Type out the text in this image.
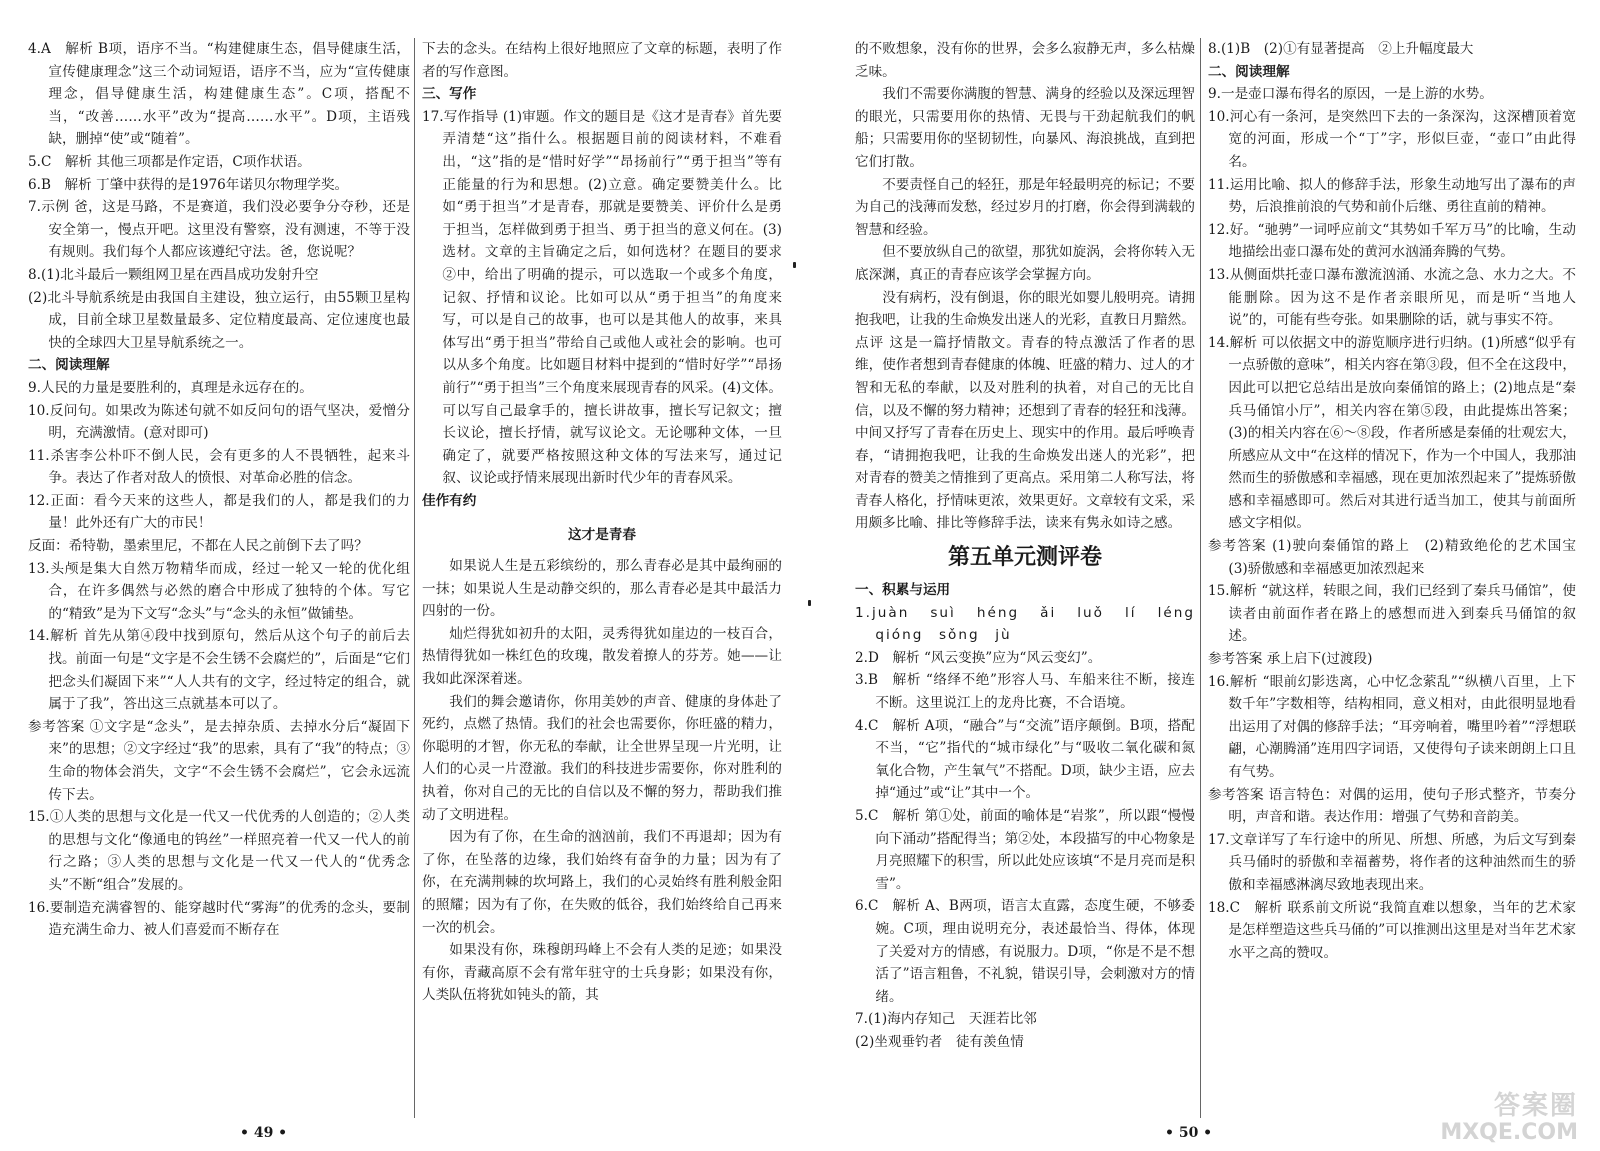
4.A　解析 B项，语序不当。“构建健康生态，倡导健康生活，宣传健康理念”这三个动词短语，语序不当，应为“宣传健康理念，倡导健康生活，构建健康生态”。C项，搭配不当，“改善……水平”改为“提高……水平”。D项，主语残缺，删掉“使”或“随着”。

5.C　解析 其他三项都是作定语，C项作状语。

6.B　解析 丁肇中获得的是1976年诺贝尔物理学奖。

7.示例 爸，这是马路，不是赛道，我们没必要争分夺秒，还是安全第一，慢点开吧。这里没有警察，没有测速，不等于没有规则。我们每个人都应该遵纪守法。爸，您说呢？

8.(1)北斗最后一颗组网卫星在西昌成功发射升空

(2)北斗导航系统是由我国自主建设，独立运行，由55颗卫星构成，目前全球卫星数量最多、定位精度最高、定位速度也最快的全球四大卫星导航系统之一。

二、阅读理解

9.人民的力量是要胜利的，真理是永远存在的。

10.反问句。如果改为陈述句就不如反问句的语气坚决，爱憎分明，充满激情。(意对即可)

11.杀害李公朴吓不倒人民，会有更多的人不畏牺牲，起来斗争。表达了作者对敌人的愤恨、对革命必胜的信念。

12.正面：看今天来的这些人，都是我们的人，都是我们的力量！此外还有广大的市民！

反面：希特勒，墨索里尼，不都在人民之前倒下去了吗？

13.头颅是集大自然万物精华而成，经过一轮又一轮的优化组合，在许多偶然与必然的磨合中形成了独特的个体。写它的“精致”是为下文写“念头”与“念头的永恒”做铺垫。

14.解析 首先从第④段中找到原句，然后从这个句子的前后去找。前面一句是“文字是不会生锈不会腐烂的”，后面是“它们把念头们凝固下来”“人人共有的文字，经过特定的组合，就属于了我”，答出这三点就基本可以了。

参考答案 ①文字是“念头”，是去掉杂质、去掉水分后“凝固下来”的思想；②文字经过“我”的思索，具有了“我”的特点；③生命的物体会消失，文字“不会生锈不会腐烂”，它会永远流传下去。

15.①人类的思想与文化是一代又一代优秀的人创造的；②人类的思想与文化“像通电的钨丝”一样照亮着一代又一代人的前行之路；③人类的思想与文化是一代又一代人的“优秀念头”不断“组合”发展的。

16.要制造充满睿智的、能穿越时代“雾海”的优秀的念头，要制造充满生命力、被人们喜爱而不断存在

下去的念头。在结构上很好地照应了文章的标题，表明了作者的写作意图。

三、写作

17.写作指导 (1)审题。作文的题目是《这才是青春》首先要弄清楚“这”指什么。根据题目前的阅读材料，不难看出，“这”指的是“惜时好学”“昂扬前行”“勇于担当”等有正能量的行为和思想。(2)立意。确定要赞美什么。比如“勇于担当”才是青春，那就是要赞美、评价什么是勇于担当，怎样做到勇于担当、勇于担当的意义何在。(3)选材。文章的主旨确定之后，如何选材？在题目的要求②中，给出了明确的提示，可以选取一个或多个角度，记叙、抒情和议论。比如可以从“勇于担当”的角度来写，可以是自己的故事，也可以是其他人的故事，来具体写出“勇于担当”带给自己或他人或社会的影响。也可以从多个角度。比如题目材料中提到的“惜时好学”“昂扬前行”“勇于担当”三个角度来展现青春的风采。(4)文体。可以写自己最拿手的，擅长讲故事，擅长写记叙文；擅长议论，擅长抒情，就写议论文。无论哪种文体，一旦确定了，就要严格按照这种文体的写法来写，通过记叙、议论或抒情来展现出新时代少年的青春风采。

佳作有约

这才是青春

如果说人生是五彩缤纷的，那么青春必是其中最绚丽的一抹；如果说人生是动静交织的，那么青春必是其中最活力四射的一份。

灿烂得犹如初升的太阳，灵秀得犹如崖边的一枝百合，热情得犹如一株红色的玫瑰，散发着撩人的芬芳。她——让我如此深深着迷。

我们的舞会邀请你，你用美妙的声音、健康的身体赴了死约，点燃了热情。我们的社会也需要你，你旺盛的精力，你聪明的才智，你无私的奉献，让全世界呈现一片光明，让人们的心灵一片澄澈。我们的科技进步需要你，你对胜利的执着，你对自己的无比的自信以及不懈的努力，帮助我们推动了文明进程。

因为有了你，在生命的汹汹前，我们不再退却；因为有了你，在坠落的边缘，我们始终有奋争的力量；因为有了你，在充满荆棘的坎坷路上，我们的心灵始终有胜利般金阳的照耀；因为有了你，在失败的低谷，我们始终给自己再来一次的机会。

如果没有你，珠穆朗玛峰上不会有人类的足迹；如果没有你，青藏高原不会有常年驻守的士兵身影；如果没有你，人类队伍将犹如钝头的箭，其

的不败想象，没有你的世界，会多么寂静无声，多么枯燥乏味。

我们不需要你满腹的智慧、满身的经验以及深远理智的眼光，只需要用你的热情、无畏与干劲起航我们的帆船；只需要用你的坚韧韧性，向暴风、海浪挑战，直到把它们打散。

不要责怪自己的轻狂，那是年轻最明亮的标记；不要为自己的浅薄而发愁，经过岁月的打磨，你会得到满载的智慧和经验。

但不要放纵自己的欲望，那犹如旋涡，会将你转入无底深渊，真正的青春应该学会掌握方向。

没有病朽，没有倒退，你的眼光如婴儿般明亮。请拥抱我吧，让我的生命焕发出迷人的光彩，直教日月黯然。

点评 这是一篇抒情散文。青春的特点激活了作者的思维，使作者想到青春健康的体魄、旺盛的精力、过人的才智和无私的奉献，以及对胜利的执着，对自己的无比自信，以及不懈的努力精神；还想到了青春的轻狂和浅薄。中间又抒写了青春在历史上、现实中的作用。最后呼唤青春，“请拥抱我吧，让我的生命焕发出迷人的光彩”，把对青春的赞美之情推到了更高点。采用第二人称写法，将青春人格化，抒情味更浓，效果更好。文章较有文采，采用颇多比喻、排比等修辞手法，读来有隽永如诗之感。

第五单元测评卷

一、积累与运用

1.juàn　suì　héng　ǎi　luǒ　lí　léng　qióng　sǒng　jù

2.D　解析 “风云变换”应为“风云变幻”。

3.B　解析 “络绎不绝”形容人马、车船来往不断，接连不断。这里说江上的龙舟比赛，不合语境。

4.C　解析 A项，“融合”与“交流”语序颠倒。B项，搭配不当，“它”指代的“城市绿化”与“吸收二氧化碳和氮氧化合物，产生氧气”不搭配。D项，缺少主语，应去掉“通过”或“让”其中一个。

5.C　解析 第①处，前面的喻体是“岩浆”，所以跟“慢慢向下涌动”搭配得当；第②处，本段描写的中心物象是月亮照耀下的积雪，所以此处应该填“不是月亮而是积雪”。

6.C　解析 A、B两项，语言太直露，态度生硬，不够委婉。C项，理由说明充分，表述最恰当、得体，体现了关爱对方的情感，有说服力。D项，“你是不是不想活了”语言粗鲁，不礼貌，错误引导，会刺激对方的情绪。

7.(1)海内存知己　天涯若比邻

(2)坐观垂钓者　徒有羡鱼情

8.(1)B　(2)①有显著提高　②上升幅度最大

二、阅读理解

9.一是壶口瀑布得名的原因，一是上游的水势。

10.河心有一条河，是突然凹下去的一条深沟，这深槽顶着宽宽的河面，形成一个“丁”字，形似巨壶，“壶口”由此得名。

11.运用比喻、拟人的修辞手法，形象生动地写出了瀑布的声势，后浪推前浪的气势和前仆后继、勇往直前的精神。

12.好。“驰骋”一词呼应前文“其势如千军万马”的比喻，生动地描绘出壶口瀑布处的黄河水汹涌奔腾的气势。

13.从侧面烘托壶口瀑布激流汹涌、水流之急、水力之大。不能删除。因为这不是作者亲眼所见，而是听“当地人说”的，可能有些夸张。如果删除的话，就与事实不符。

14.解析 可以依据文中的游览顺序进行归纳。(1)所感“似乎有一点骄傲的意味”，相关内容在第③段，但不全在这段中，因此可以把它总结出是放向秦俑馆的路上；(2)地点是“秦兵马俑馆小厅”，相关内容在第⑤段，由此提炼出答案；(3)的相关内容在⑥～⑧段，作者所感是秦俑的壮观宏大，所感应从文中“在这样的情况下，作为一个中国人，我那油然而生的骄傲感和幸福感，现在更加浓烈起来了”提炼骄傲感和幸福感即可。然后对其进行适当加工，使其与前面所感文字相似。

参考答案 (1)驶向秦俑馆的路上　(2)精致绝伦的艺术国宝　(3)骄傲感和幸福感更加浓烈起来

15.解析 “就这样，转眼之间，我们已经到了秦兵马俑馆”，使读者由前面作者在路上的感想而进入到秦兵马俑馆的叙述。

参考答案 承上启下(过渡段)

16.解析 “眼前幻影迭离，心中忆念萦乱”“纵横八百里，上下数千年”字数相等，结构相同，意义相对，由此很明显地看出运用了对偶的修辞手法；“耳旁响着，嘴里吟着”“浮想联翩，心潮腾涌”连用四字词语，又使得句子读来朗朗上口且有气势。

参考答案 语言特色：对偶的运用，使句子形式整齐，节奏分明，声音和谐。表达作用：增强了气势和音韵美。

17.文章详写了车行途中的所见、所想、所感，为后文写到秦兵马俑时的骄傲和幸福蓄势，将作者的这种油然而生的骄傲和幸福感淋漓尽致地表现出来。

18.C　解析 联系前文所说“我简直难以想象，当年的艺术家是怎样塑造这些兵马俑的”可以推测出这里是对当年艺术家水平之高的赞叹。

• 49 •	• 50 •
答案圈
MXQE.COM
